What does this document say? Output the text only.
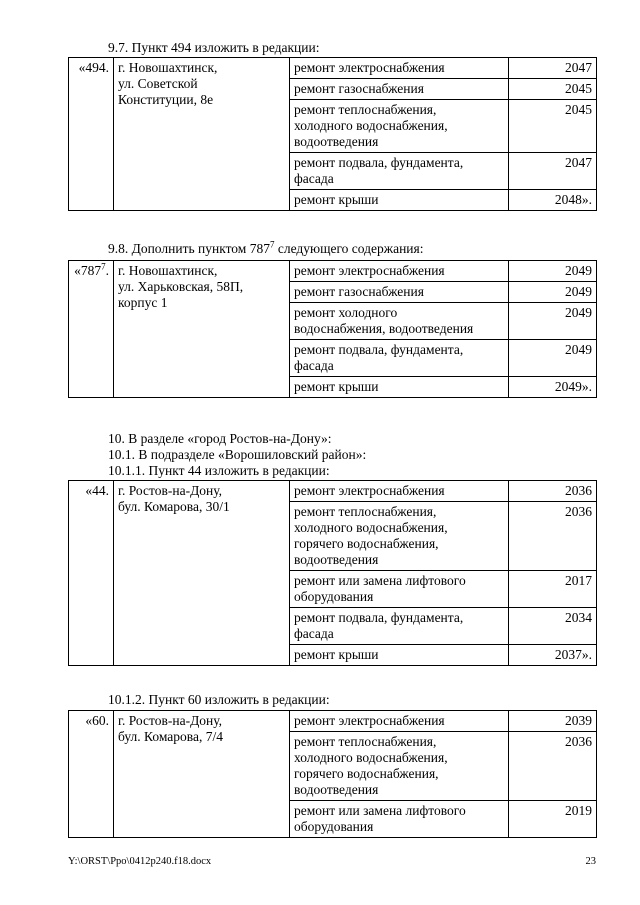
9.7. Пункт 494 изложить в редакции:
«494.	г. Новошахтинск,
ул. Советской
Конституции, 8е	ремонт электроснабжения	2047
		ремонт газоснабжения	2045
		ремонт теплоснабжения,
холодного водоснабжения,
водоотведения	2045
		ремонт подвала, фундамента,
фасада	2047
		ремонт крыши	2048».
9.8. Дополнить пунктом $787^7$ следующего содержания:
«$787^7$.	г. Новошахтинск,
ул. Харьковская, 58П,
корпус 1	ремонт электроснабжения	2049
		ремонт газоснабжения	2049
		ремонт холодного
водоснабжения, водоотведения	2049
		ремонт подвала, фундамента,
фасада	2049
		ремонт крыши	2049».
10. В разделе «город Ростов-на-Дону»:
10.1. В подразделе «Ворошиловский район»:
10.1.1. Пункт 44 изложить в редакции:
«44.	г. Ростов-на-Дону,
бул. Комарова, 30/1	ремонт электроснабжения	2036
		ремонт теплоснабжения,
холодного водоснабжения,
горячего водоснабжения,
водоотведения	2036
		ремонт или замена лифтового
оборудования	2017
		ремонт подвала, фундамента,
фасада	2034
		ремонт крыши	2037».
10.1.2. Пункт 60 изложить в редакции:
«60.	г. Ростов-на-Дону,
бул. Комарова, 7/4	ремонт электроснабжения	2039
		ремонт теплоснабжения,
холодного водоснабжения,
горячего водоснабжения,
водоотведения	2036
		ремонт или замена лифтового
оборудования	2019
Y:\ORST\Ppo\0412p240.f18.docx	23
